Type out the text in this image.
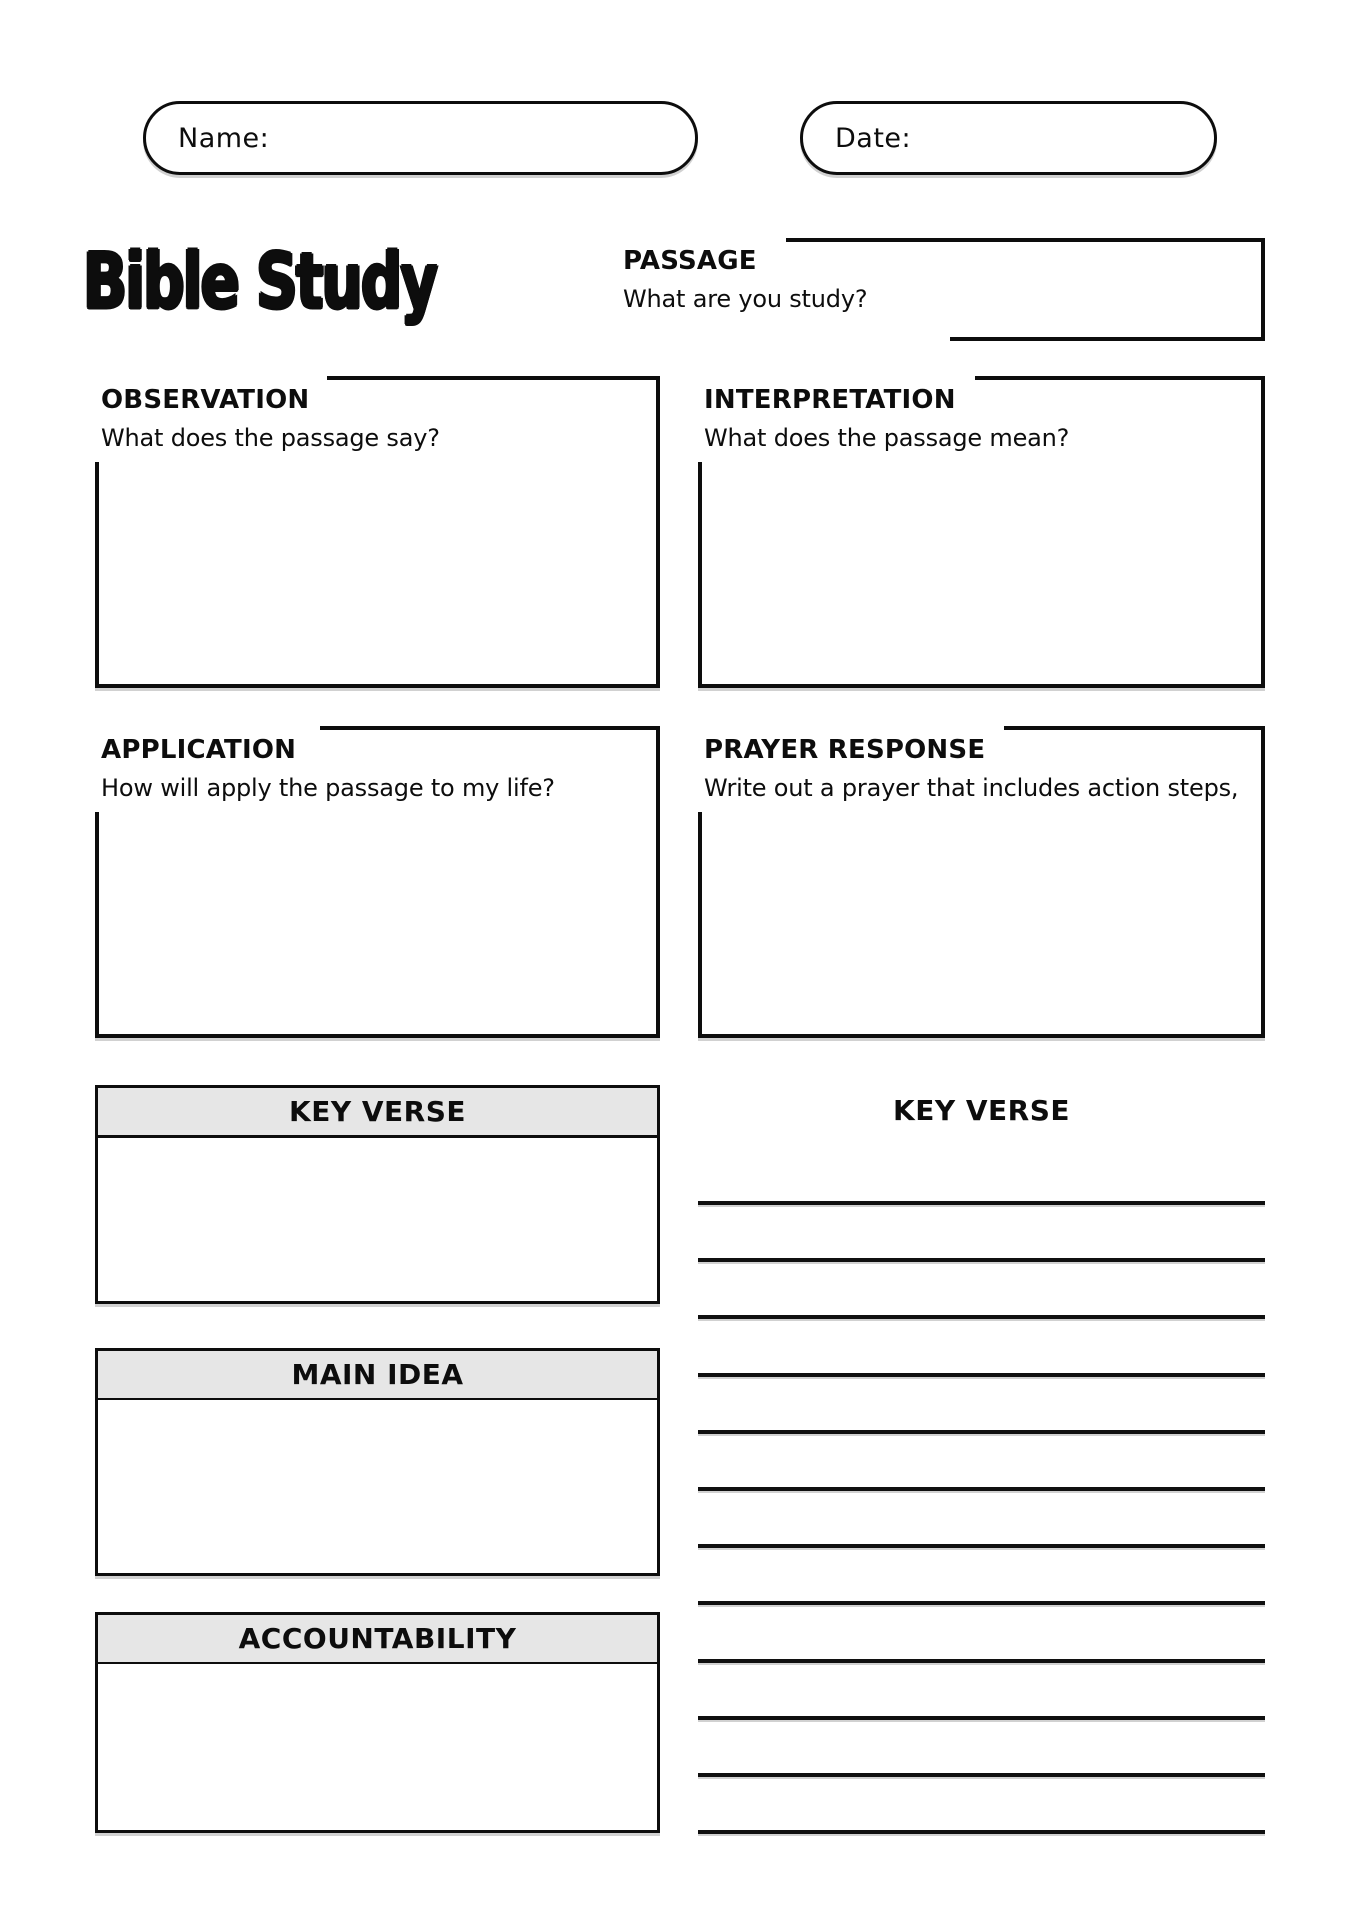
Name:	Date:
Bible Study	PASSAGE
What are you study?
OBSERVATION
What does the passage say?
INTERPRETATION
What does the passage mean?
APPLICATION
How will apply the passage to my life?
PRAYER RESPONSE
Write out a prayer that includes action steps,
KEY VERSE
MAIN IDEA
ACCOUNTABILITY
KEY VERSE
